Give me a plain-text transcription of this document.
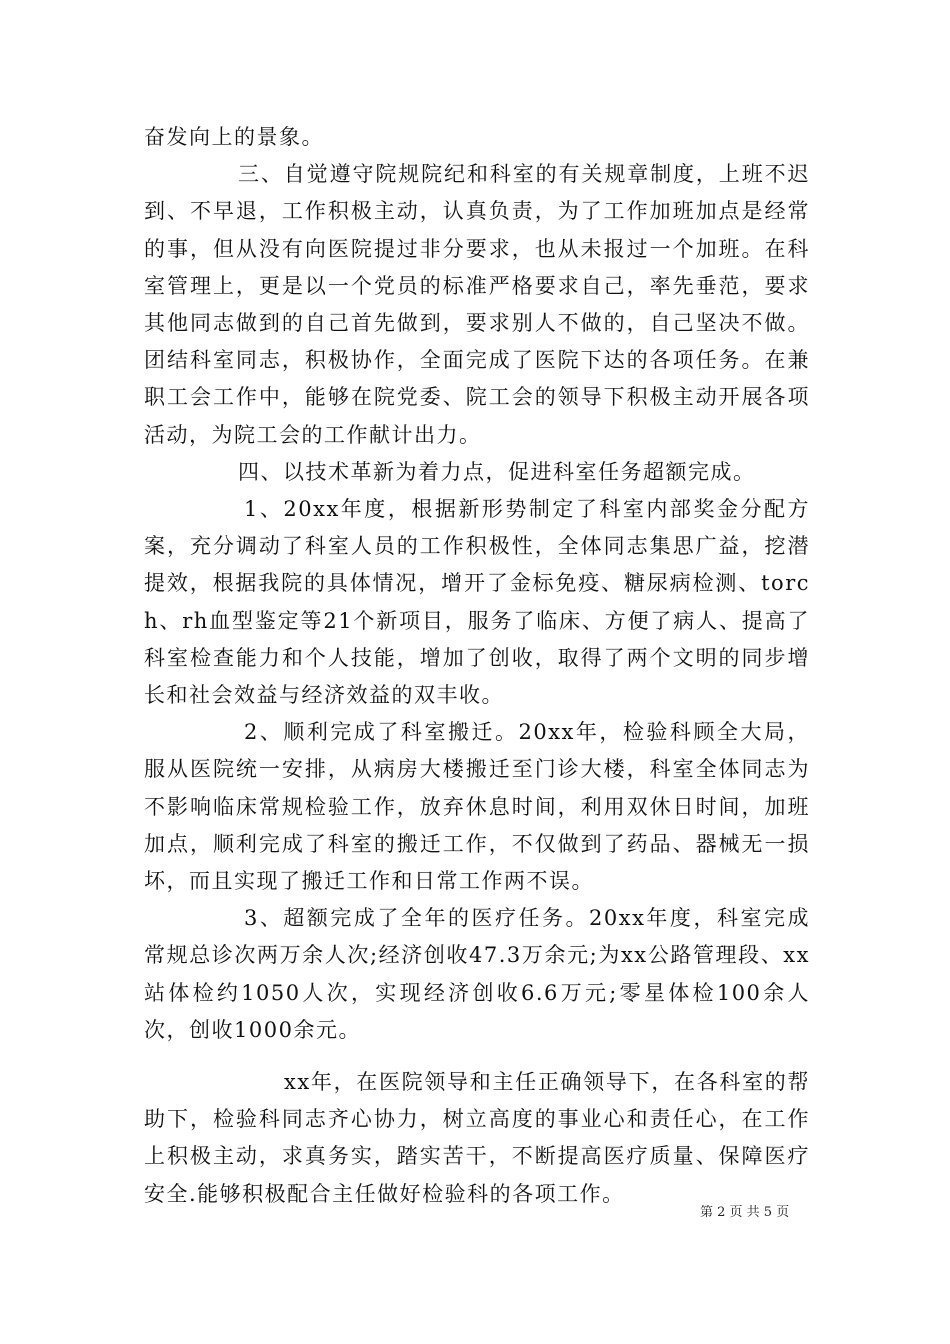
奋发向上的景象。

三、自觉遵守院规院纪和科室的有关规章制度，上班不迟到、不早退，工作积极主动，认真负责，为了工作加班加点是经常的事，但从没有向医院提过非分要求，也从未报过一个加班。在科室管理上，更是以一个党员的标准严格要求自己，率先垂范，要求其他同志做到的自己首先做到，要求别人不做的，自己坚决不做。团结科室同志，积极协作，全面完成了医院下达的各项任务。在兼职工会工作中，能够在院党委、院工会的领导下积极主动开展各项活动，为院工会的工作献计出力。

四、以技术革新为着力点，促进科室任务超额完成。

1、20xx年度，根据新形势制定了科室内部奖金分配方案，充分调动了科室人员的工作积极性，全体同志集思广益，挖潜提效，根据我院的具体情况，增开了金标免疫、糖尿病检测、torch、rh血型鉴定等21个新项目，服务了临床、方便了病人、提高了科室检查能力和个人技能，增加了创收，取得了两个文明的同步增长和社会效益与经济效益的双丰收。

2、顺利完成了科室搬迁。20xx年，检验科顾全大局，服从医院统一安排，从病房大楼搬迁至门诊大楼，科室全体同志为不影响临床常规检验工作，放弃休息时间，利用双休日时间，加班加点，顺利完成了科室的搬迁工作，不仅做到了药品、器械无一损坏，而且实现了搬迁工作和日常工作两不误。

3、超额完成了全年的医疗任务。20xx年度，科室完成常规总诊次两万余人次;经济创收47.3万余元;为xx公路管理段、xx站体检约1050人次，实现经济创收6.6万元;零星体检100余人次，创收1000余元。

xx年，在医院领导和主任正确领导下，在各科室的帮助下，检验科同志齐心协力，树立高度的事业心和责任心，在工作上积极主动，求真务实，踏实苦干，不断提高医疗质量、保障医疗安全.能够积极配合主任做好检验科的各项工作。

第 2 页 共 5 页
